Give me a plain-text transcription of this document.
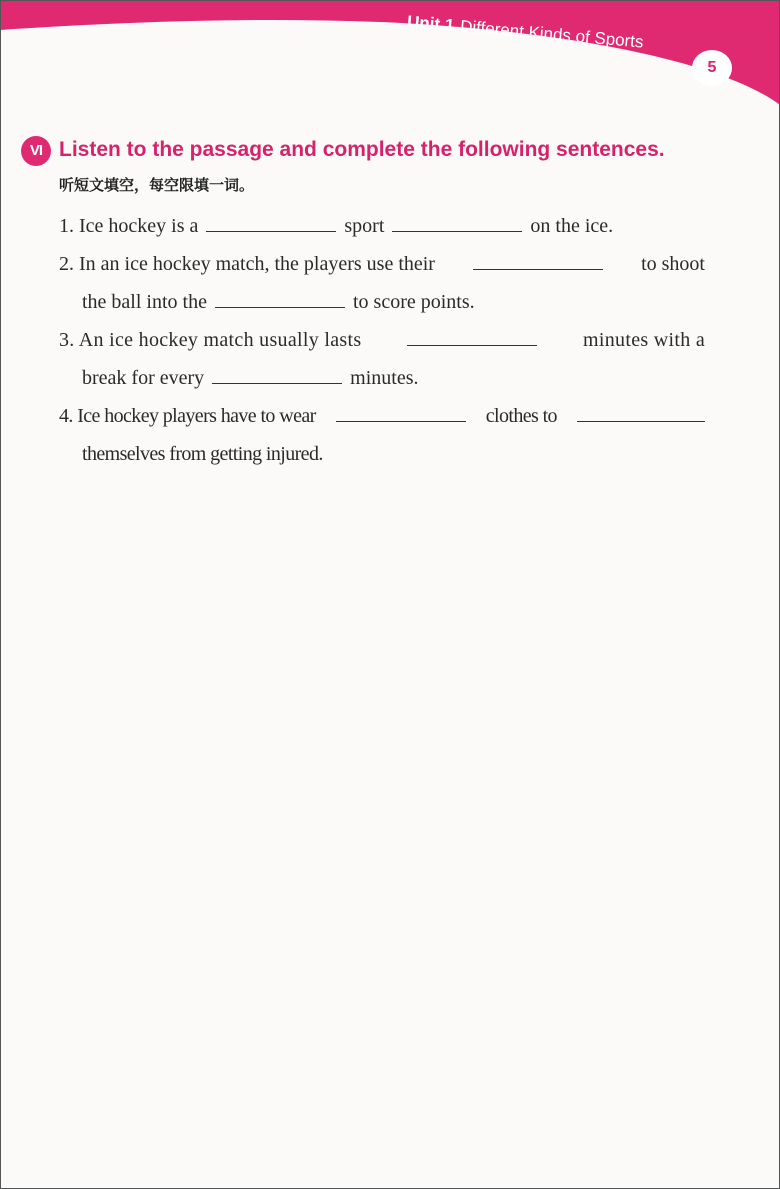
Unit 1 Different Kinds of Sports
5
VI Listen to the passage and complete the following sentences.
听短文填空，每空限填一词。
1. Ice hockey is a	sport	on the ice.
2. In an ice hockey match, the players use their	to shoot
the ball into the	to score points.
3. An ice hockey match usually lasts	minutes with a
break for every	minutes.
4. Ice hockey players have to wear	clothes to
themselves from getting injured.
